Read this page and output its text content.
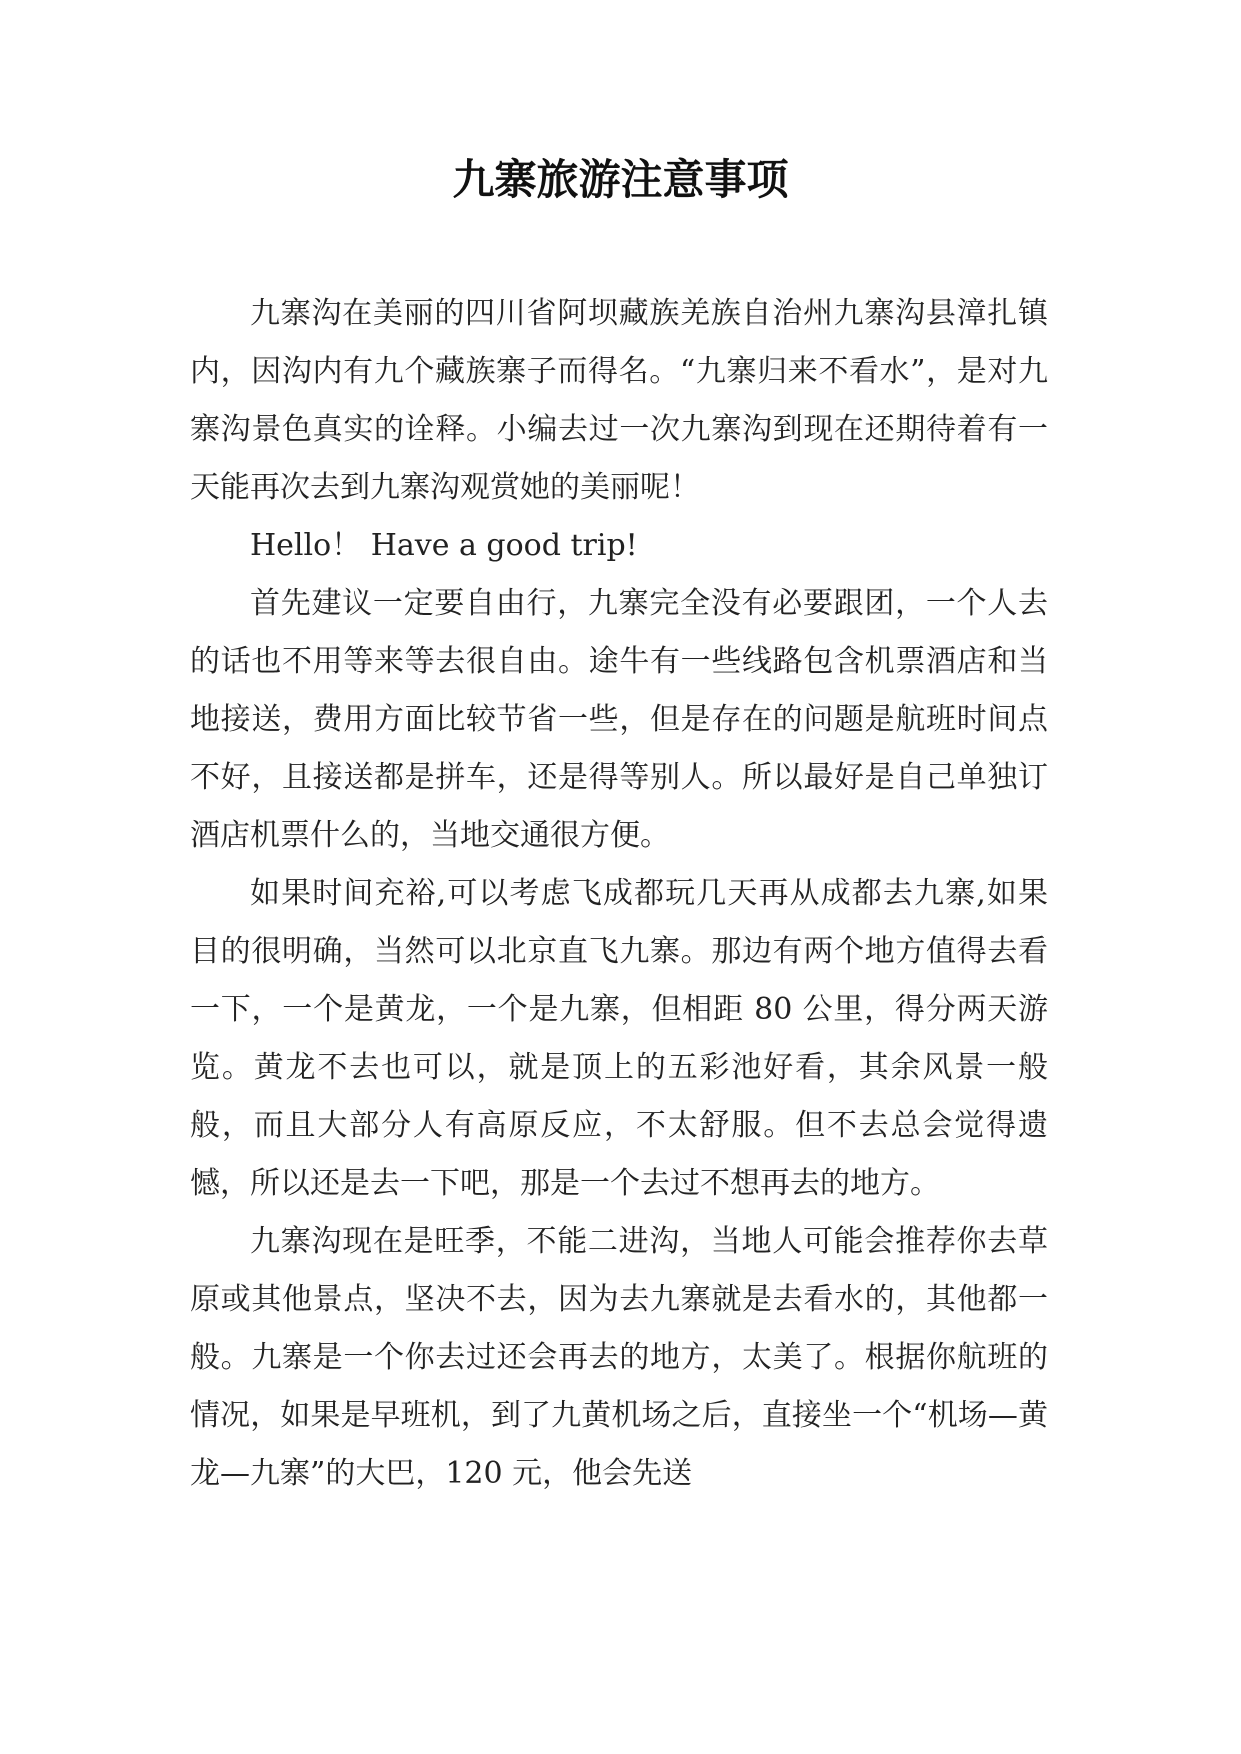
九寨旅游注意事项

九寨沟在美丽的四川省阿坝藏族羌族自治州九寨沟县漳扎镇内，因沟内有九个藏族寨子而得名。“九寨归来不看水”，是对九寨沟景色真实的诠释。小编去过一次九寨沟到现在还期待着有一天能再次去到九寨沟观赏她的美丽呢！

Hello！ Have a good trip!

首先建议一定要自由行，九寨完全没有必要跟团，一个人去的话也不用等来等去很自由。途牛有一些线路包含机票酒店和当地接送，费用方面比较节省一些，但是存在的问题是航班时间点不好，且接送都是拼车，还是得等别人。所以最好是自己单独订酒店机票什么的，当地交通很方便。

如果时间充裕,可以考虑飞成都玩几天再从成都去九寨,如果目的很明确，当然可以北京直飞九寨。那边有两个地方值得去看一下，一个是黄龙，一个是九寨，但相距 80 公里，得分两天游览。黄龙不去也可以，就是顶上的五彩池好看，其余风景一般般，而且大部分人有高原反应，不太舒服。但不去总会觉得遗憾，所以还是去一下吧，那是一个去过不想再去的地方。

九寨沟现在是旺季，不能二进沟，当地人可能会推荐你去草原或其他景点，坚决不去，因为去九寨就是去看水的，其他都一般。九寨是一个你去过还会再去的地方，太美了。根据你航班的情况，如果是早班机，到了九黄机场之后，直接坐一个“机场—黄龙—九寨”的大巴，120 元，他会先送
